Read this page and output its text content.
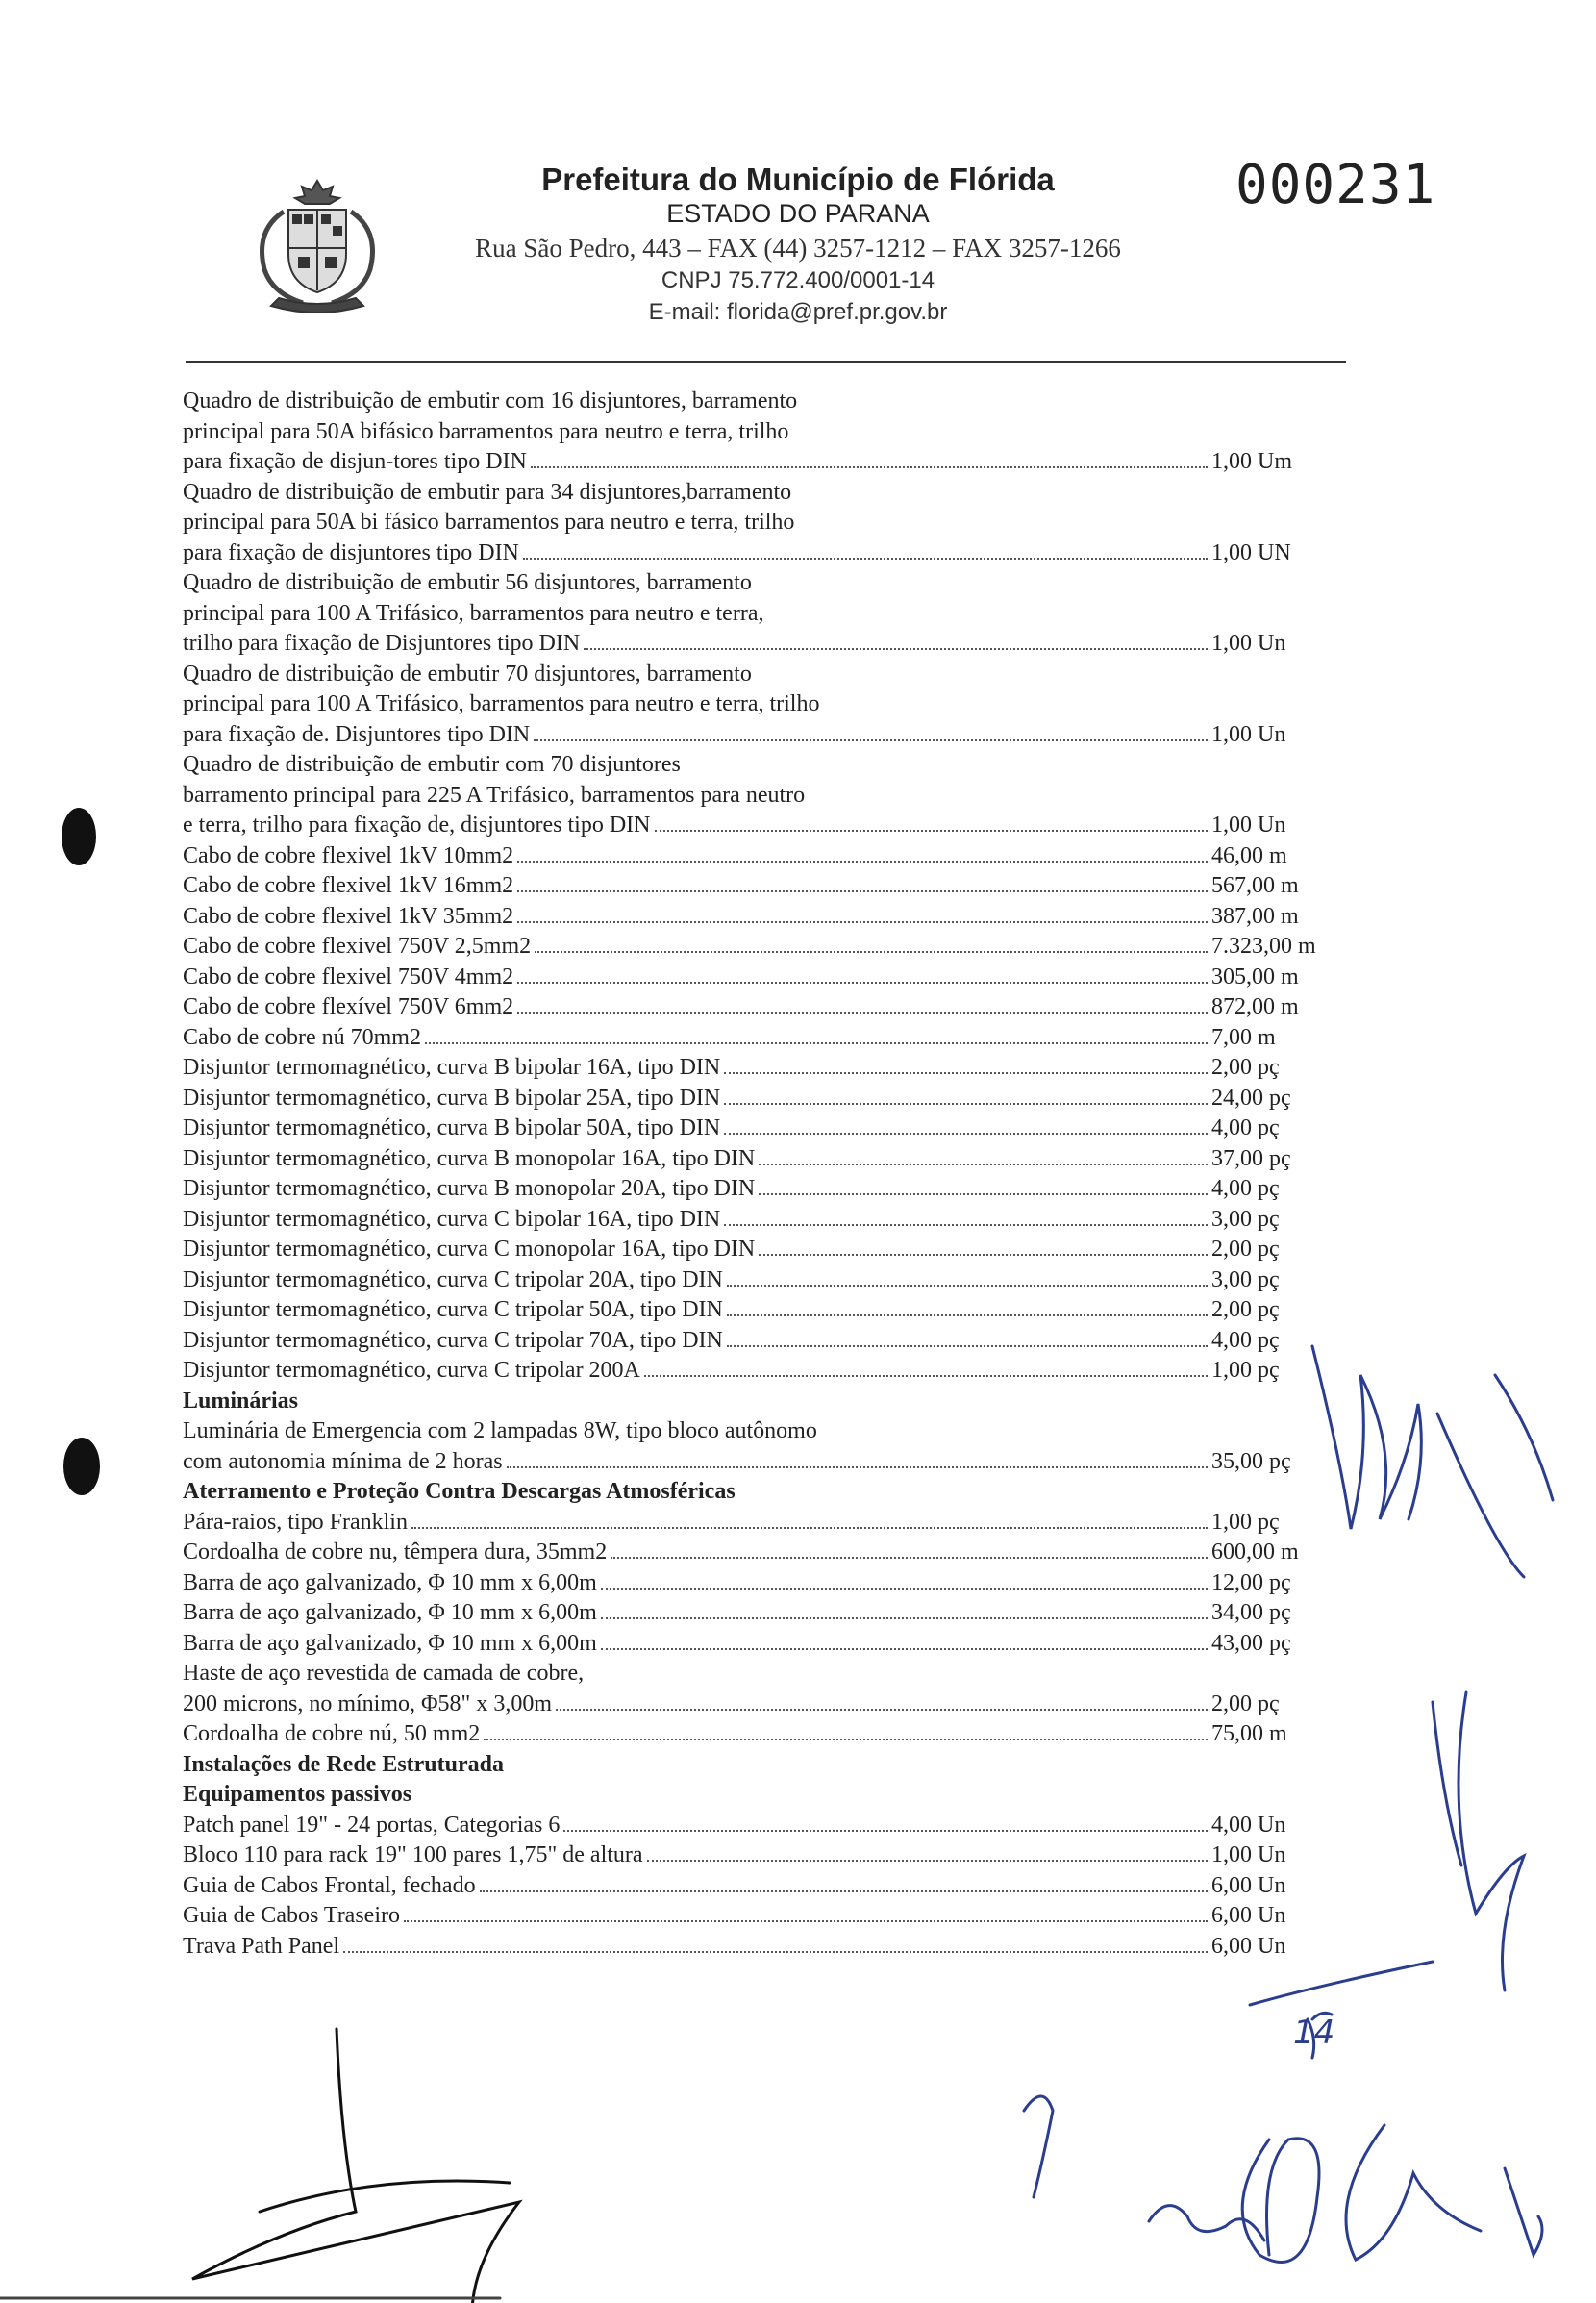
Prefeitura do Município de Flórida
ESTADO DO PARANA
Rua São Pedro, 443 – FAX (44) 3257-1212 – FAX 3257-1266
CNPJ 75.772.400/0001-14
E-mail: florida@pref.pr.gov.br
000231
Quadro de distribuição de embutir com 16 disjuntores, barramento
principal para 50A bifásico barramentos para neutro e terra, trilho
para fixação de disjun-tores tipo DIN	1,00 Um
Quadro de distribuição de embutir para 34 disjuntores,barramento
principal para 50A bi fásico barramentos para neutro e terra, trilho
para fixação de disjuntores tipo DIN	1,00 UN
Quadro de distribuição de embutir 56 disjuntores, barramento
principal para 100 A Trifásico, barramentos para neutro e terra,
trilho para fixação de Disjuntores tipo DIN	1,00 Un
Quadro de distribuição de embutir 70 disjuntores, barramento
principal para 100 A Trifásico, barramentos para neutro e terra, trilho
para fixação de. Disjuntores tipo DIN	1,00 Un
Quadro de distribuição de embutir com 70 disjuntores
barramento principal para 225 A Trifásico, barramentos para neutro
e terra, trilho para fixação de, disjuntores tipo DIN	1,00 Un
Cabo de cobre flexivel 1kV 10mm2	46,00 m
Cabo de cobre flexivel 1kV 16mm2	567,00 m
Cabo de cobre flexivel 1kV 35mm2	387,00 m
Cabo de cobre flexivel 750V 2,5mm2	7.323,00 m
Cabo de cobre flexivel 750V 4mm2	305,00 m
Cabo de cobre flexível 750V 6mm2	872,00 m
Cabo de cobre nú 70mm2	7,00 m
Disjuntor termomagnético, curva B bipolar 16A, tipo DIN	2,00 pç
Disjuntor termomagnético, curva B bipolar 25A, tipo DIN	24,00 pç
Disjuntor termomagnético, curva B bipolar 50A, tipo DIN	4,00 pç
Disjuntor termomagnético, curva B monopolar 16A, tipo DIN	37,00 pç
Disjuntor termomagnético, curva B monopolar 20A, tipo DIN	4,00 pç
Disjuntor termomagnético, curva C bipolar 16A, tipo DIN	3,00 pç
Disjuntor termomagnético, curva C monopolar 16A, tipo DIN	2,00 pç
Disjuntor termomagnético, curva C tripolar 20A, tipo DIN	3,00 pç
Disjuntor termomagnético, curva C tripolar 50A, tipo DIN	2,00 pç
Disjuntor termomagnético, curva C tripolar 70A, tipo DIN	4,00 pç
Disjuntor termomagnético, curva C tripolar 200A	1,00 pç
Luminárias
Luminária de Emergencia com 2 lampadas 8W, tipo bloco autônomo
com autonomia mínima de 2 horas	35,00 pç
Aterramento e Proteção Contra Descargas Atmosféricas
Pára-raios, tipo Franklin	1,00 pç
Cordoalha de cobre nu, têmpera dura, 35mm2	600,00 m
Barra de aço galvanizado, Φ 10 mm x 6,00m	12,00 pç
Barra de aço galvanizado, Φ 10 mm x 6,00m	34,00 pç
Barra de aço galvanizado, Φ 10 mm x 6,00m	43,00 pç
Haste de aço revestida de camada de cobre,
200 microns, no mínimo, Φ58" x 3,00m	2,00 pç
Cordoalha de cobre nú, 50 mm2	75,00 m
Instalações de Rede Estruturada
Equipamentos passivos
Patch panel 19" - 24 portas, Categorias 6	4,00 Un
Bloco 110 para rack 19" 100 pares 1,75" de altura	1,00 Un
Guia de Cabos Frontal, fechado	6,00 Un
Guia de Cabos Traseiro	6,00 Un
Trava Path Panel	6,00 Un
14
